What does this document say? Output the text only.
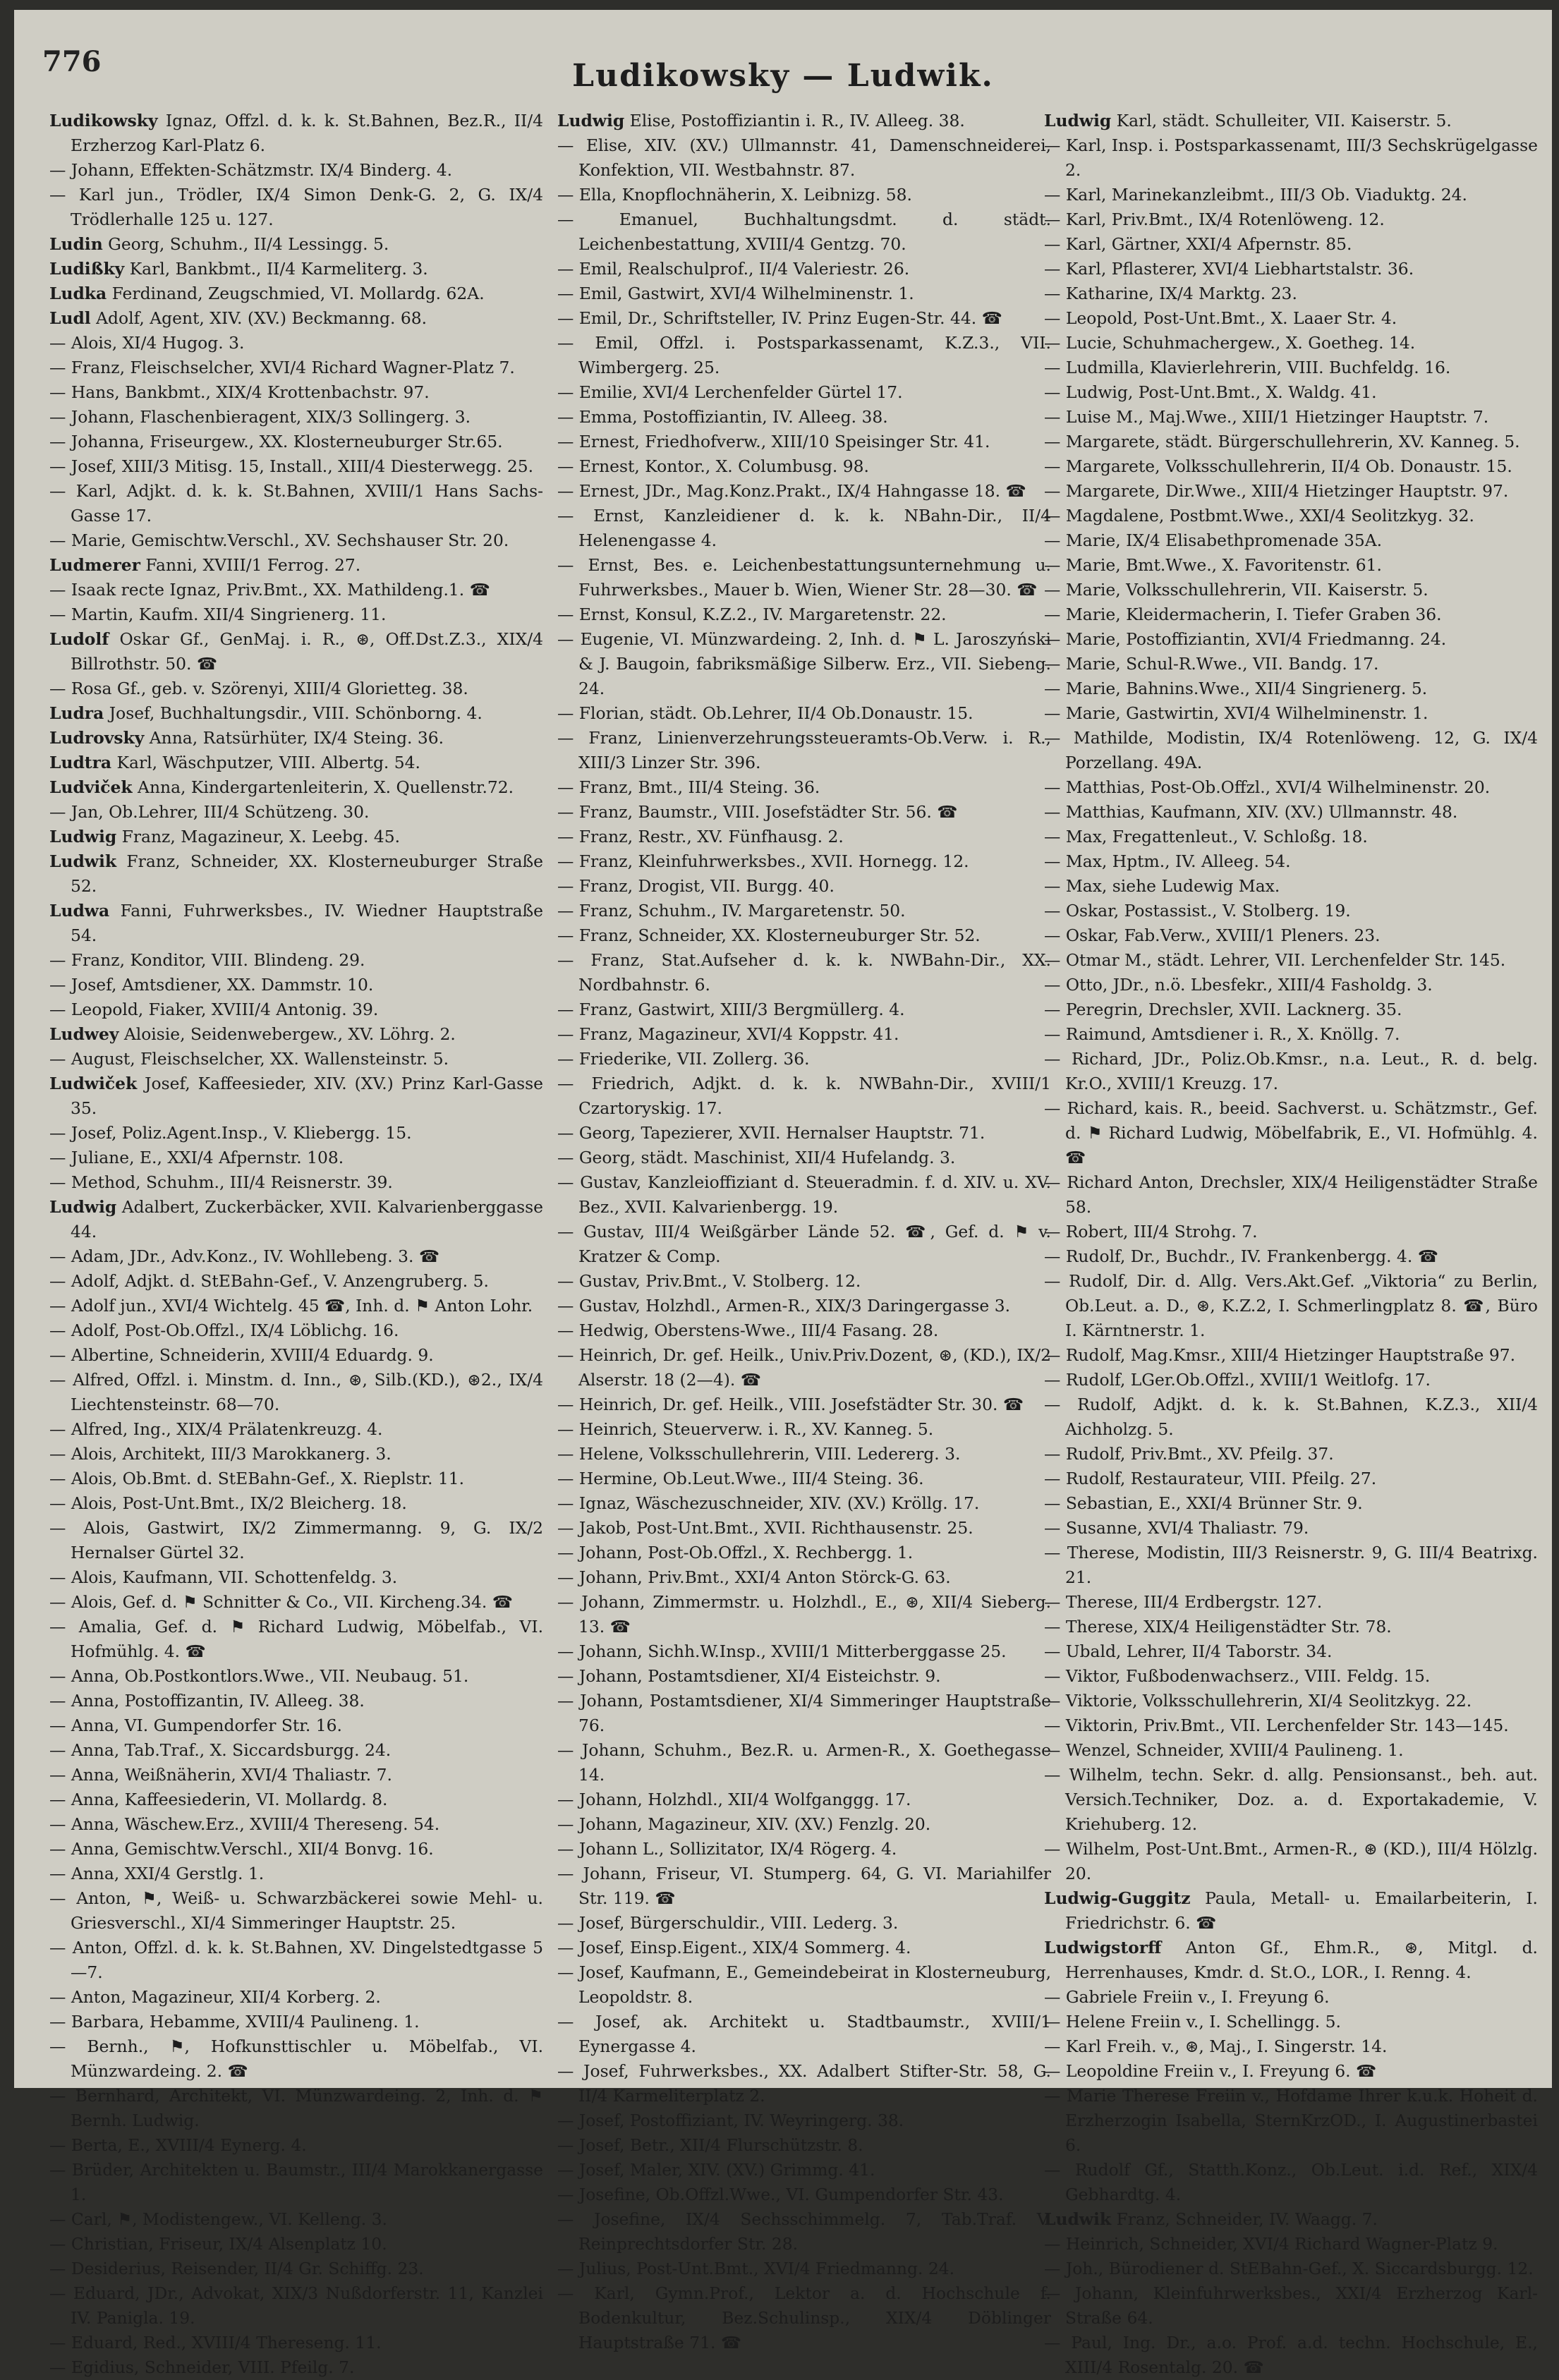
776	Ludikowsky — Ludwik.
Ludikowsky Ignaz, Offzl. d. k. k. St.Bahnen, Bez.R., II/4 Erzherzog Karl-Platz 6.
— Johann, Effekten-Schätzmstr. IX/4 Binderg. 4.
— Karl jun., Trödler, IX/4 Simon Denk-G. 2, G. IX/4 Trödlerhalle 125 u. 127.
Ludin Georg, Schuhm., II/4 Lessingg. 5.
Ludißky Karl, Bankbmt., II/4 Karmeliterg. 3.
Ludka Ferdinand, Zeugschmied, VI. Mollardg. 62A.
Ludl Adolf, Agent, XIV. (XV.) Beckmanng. 68.
— Alois, XI/4 Hugog. 3.
— Franz, Fleischselcher, XVI/4 Richard Wagner-Platz 7.
— Hans, Bankbmt., XIX/4 Krottenbachstr. 97.
— Johann, Flaschenbieragent, XIX/3 Sollingerg. 3.
— Johanna, Friseurgew., XX. Klosterneuburger Str.65.
— Josef, XIII/3 Mitisg. 15, Install., XIII/4 Diesterwegg. 25.
— Karl, Adjkt. d. k. k. St.Bahnen, XVIII/1 Hans Sachs-Gasse 17.
— Marie, Gemischtw.Verschl., XV. Sechshauser Str. 20.
Ludmerer Fanni, XVIII/1 Ferrog. 27.
— Isaak recte Ignaz, Priv.Bmt., XX. Mathildeng.1. ☎
— Martin, Kaufm. XII/4 Singrienerg. 11.
Ludolf Oskar Gf., GenMaj. i. R., ⊛, Off.Dst.Z.3., XIX/4 Billrothstr. 50. ☎
— Rosa Gf., geb. v. Szörenyi, XIII/4 Glorietteg. 38.
Ludra Josef, Buchhaltungsdir., VIII. Schönborng. 4.
Ludrovsky Anna, Ratsürhüter, IX/4 Steing. 36.
Ludtra Karl, Wäschputzer, VIII. Albertg. 54.
Ludviček Anna, Kindergartenleiterin, X. Quellenstr.72.
— Jan, Ob.Lehrer, III/4 Schützeng. 30.
Ludwig Franz, Magazineur, X. Leebg. 45.
Ludwik Franz, Schneider, XX. Klosterneuburger Straße 52.
Ludwa Fanni, Fuhrwerksbes., IV. Wiedner Hauptstraße 54.
— Franz, Konditor, VIII. Blindeng. 29.
— Josef, Amtsdiener, XX. Dammstr. 10.
— Leopold, Fiaker, XVIII/4 Antonig. 39.
Ludwey Aloisie, Seidenwebergew., XV. Löhrg. 2.
— August, Fleischselcher, XX. Wallensteinstr. 5.
Ludwiček Josef, Kaffeesieder, XIV. (XV.) Prinz Karl-Gasse 35.
— Josef, Poliz.Agent.Insp., V. Kliebergg. 15.
— Juliane, E., XXI/4 Afpernstr. 108.
— Method, Schuhm., III/4 Reisnerstr. 39.
Ludwig Adalbert, Zuckerbäcker, XVII. Kalvarienberggasse 44.
— Adam, JDr., Adv.Konz., IV. Wohllebeng. 3. ☎
— Adolf, Adjkt. d. StEBahn-Gef., V. Anzengruberg. 5.
— Adolf jun., XVI/4 Wichtelg. 45 ☎, Inh. d. ⚑ Anton Lohr.
— Adolf, Post-Ob.Offzl., IX/4 Löblichg. 16.
— Albertine, Schneiderin, XVIII/4 Eduardg. 9.
— Alfred, Offzl. i. Minstm. d. Inn., ⊛, Silb.(KD.), ⊛2., IX/4 Liechtensteinstr. 68—70.
— Alfred, Ing., XIX/4 Prälatenkreuzg. 4.
— Alois, Architekt, III/3 Marokkanerg. 3.
— Alois, Ob.Bmt. d. StEBahn-Gef., X. Rieplstr. 11.
— Alois, Post-Unt.Bmt., IX/2 Bleicherg. 18.
— Alois, Gastwirt, IX/2 Zimmermanng. 9, G. IX/2 Hernalser Gürtel 32.
— Alois, Kaufmann, VII. Schottenfeldg. 3.
— Alois, Gef. d. ⚑ Schnitter & Co., VII. Kircheng.34. ☎
— Amalia, Gef. d. ⚑ Richard Ludwig, Möbelfab., VI. Hofmühlg. 4. ☎
— Anna, Ob.Postkontlors.Wwe., VII. Neubaug. 51.
— Anna, Postoffizantin, IV. Alleeg. 38.
— Anna, VI. Gumpendorfer Str. 16.
— Anna, Tab.Traf., X. Siccardsburgg. 24.
— Anna, Weißnäherin, XVI/4 Thaliastr. 7.
— Anna, Kaffeesiederin, VI. Mollardg. 8.
— Anna, Wäschew.Erz., XVIII/4 Thereseng. 54.
— Anna, Gemischtw.Verschl., XII/4 Bonvg. 16.
— Anna, XXI/4 Gerstlg. 1.
— Anton, ⚑, Weiß- u. Schwarzbäckerei sowie Mehl- u. Griesverschl., XI/4 Simmeringer Hauptstr. 25.
— Anton, Offzl. d. k. k. St.Bahnen, XV. Dingelstedtgasse 5—7.
— Anton, Magazineur, XII/4 Korberg. 2.
— Barbara, Hebamme, XVIII/4 Paulineng. 1.
— Bernh., ⚑, Hofkunsttischler u. Möbelfab., VI. Münzwardeing. 2. ☎
— Bernhard, Architekt, VI. Münzwardeing. 2, Inh. d. ⚑ Bernh. Ludwig.
— Berta, E., XVIII/4 Eynerg. 4.
— Brüder, Architekten u. Baumstr., III/4 Marokkanergasse 1.
— Carl, ⚑, Modistengew., VI. Kelleng. 3.
— Christian, Friseur, IX/4 Alsenplatz 10.
— Desiderius, Reisender, II/4 Gr. Schiffg. 23.
— Eduard, JDr., Advokat, XIX/3 Nußdorferstr. 11, Kanzlei IV. Panigla. 19.
— Eduard, Red., XVIII/4 Thereseng. 11.
— Egidius, Schneider, VIII. Pfeilg. 7.
Ludwig Elise, Postoffiziantin i. R., IV. Alleeg. 38.
— Elise, XIV. (XV.) Ullmannstr. 41, Damenschneiderei, Konfektion, VII. Westbahnstr. 87.
— Ella, Knopflochnäherin, X. Leibnizg. 58.
— Emanuel, Buchhaltungsdmt. d. städt. Leichenbestattung, XVIII/4 Gentzg. 70.
— Emil, Realschulprof., II/4 Valeriestr. 26.
— Emil, Gastwirt, XVI/4 Wilhelminenstr. 1.
— Emil, Dr., Schriftsteller, IV. Prinz Eugen-Str. 44. ☎
— Emil, Offzl. i. Postsparkassenamt, K.Z.3., VII. Wimbergerg. 25.
— Emilie, XVI/4 Lerchenfelder Gürtel 17.
— Emma, Postoffiziantin, IV. Alleeg. 38.
— Ernest, Friedhofverw., XIII/10 Speisinger Str. 41.
— Ernest, Kontor., X. Columbusg. 98.
— Ernest, JDr., Mag.Konz.Prakt., IX/4 Hahngasse 18. ☎
— Ernst, Kanzleidiener d. k. k. NBahn-Dir., II/4 Helenengasse 4.
— Ernst, Bes. e. Leichenbestattungsunternehmung u. Fuhrwerksbes., Mauer b. Wien, Wiener Str. 28—30. ☎
— Ernst, Konsul, K.Z.2., IV. Margaretenstr. 22.
— Eugenie, VI. Münzwardeing. 2, Inh. d. ⚑ L. Jaroszyński & J. Baugoin, fabriksmäßige Silberw. Erz., VII. Siebeng. 24.
— Florian, städt. Ob.Lehrer, II/4 Ob.Donaustr. 15.
— Franz, Linienverzehrungssteueramts-Ob.Verw. i. R., XIII/3 Linzer Str. 396.
— Franz, Bmt., III/4 Steing. 36.
— Franz, Baumstr., VIII. Josefstädter Str. 56. ☎
— Franz, Restr., XV. Fünfhausg. 2.
— Franz, Kleinfuhrwerksbes., XVII. Hornegg. 12.
— Franz, Drogist, VII. Burgg. 40.
— Franz, Schuhm., IV. Margaretenstr. 50.
— Franz, Schneider, XX. Klosterneuburger Str. 52.
— Franz, Stat.Aufseher d. k. k. NWBahn-Dir., XX. Nordbahnstr. 6.
— Franz, Gastwirt, XIII/3 Bergmüllerg. 4.
— Franz, Magazineur, XVI/4 Koppstr. 41.
— Friederike, VII. Zollerg. 36.
— Friedrich, Adjkt. d. k. k. NWBahn-Dir., XVIII/1 Czartoryskig. 17.
— Georg, Tapezierer, XVII. Hernalser Hauptstr. 71.
— Georg, städt. Maschinist, XII/4 Hufelandg. 3.
— Gustav, Kanzleioffiziant d. Steueradmin. f. d. XIV. u. XV. Bez., XVII. Kalvarienbergg. 19.
— Gustav, III/4 Weißgärber Lände 52. ☎, Gef. d. ⚑ v. Kratzer & Comp.
— Gustav, Priv.Bmt., V. Stolberg. 12.
— Gustav, Holzhdl., Armen-R., XIX/3 Daringergasse 3.
— Hedwig, Oberstens-Wwe., III/4 Fasang. 28.
— Heinrich, Dr. gef. Heilk., Univ.Priv.Dozent, ⊛, (KD.), IX/2 Alserstr. 18 (2—4). ☎
— Heinrich, Dr. gef. Heilk., VIII. Josefstädter Str. 30. ☎
— Heinrich, Steuerverw. i. R., XV. Kanneg. 5.
— Helene, Volksschullehrerin, VIII. Ledererg. 3.
— Hermine, Ob.Leut.Wwe., III/4 Steing. 36.
— Ignaz, Wäschezuschneider, XIV. (XV.) Kröllg. 17.
— Jakob, Post-Unt.Bmt., XVII. Richthausenstr. 25.
— Johann, Post-Ob.Offzl., X. Rechbergg. 1.
— Johann, Priv.Bmt., XXI/4 Anton Störck-G. 63.
— Johann, Zimmermstr. u. Holzhdl., E., ⊛, XII/4 Sieberg. 13. ☎
— Johann, Sichh.W.Insp., XVIII/1 Mitterberggasse 25.
— Johann, Postamtsdiener, XI/4 Eisteichstr. 9.
— Johann, Postamtsdiener, XI/4 Simmeringer Hauptstraße 76.
— Johann, Schuhm., Bez.R. u. Armen-R., X. Goethegasse 14.
— Johann, Holzhdl., XII/4 Wolfganggg. 17.
— Johann, Magazineur, XIV. (XV.) Fenzlg. 20.
— Johann L., Sollizitator, IX/4 Rögerg. 4.
— Johann, Friseur, VI. Stumperg. 64, G. VI. Mariahilfer Str. 119. ☎
— Josef, Bürgerschuldir., VIII. Lederg. 3.
— Josef, Einsp.Eigent., XIX/4 Sommerg. 4.
— Josef, Kaufmann, E., Gemeindebeirat in Klosterneuburg, Leopoldstr. 8.
— Josef, ak. Architekt u. Stadtbaumstr., XVIII/1 Eynergasse 4.
— Josef, Fuhrwerksbes., XX. Adalbert Stifter-Str. 58, G. II/4 Karmeliterplatz 2.
— Josef, Postoffiziant, IV. Weyringerg. 38.
— Josef, Betr., XII/4 Flurschützstr. 8.
— Josef, Maler, XIV. (XV.) Grimmg. 41.
— Josefine, Ob.Offzl.Wwe., VI. Gumpendorfer Str. 43.
— Josefine, IX/4 Sechsschimmelg. 7, Tab.Traf. V. Reinprechtsdorfer Str. 28.
— Julius, Post-Unt.Bmt., XVI/4 Friedmanng. 24.
— Karl, Gymn.Prof., Lektor a. d. Hochschule f. Bodenkultur, Bez.Schulinsp., XIX/4 Döblinger Hauptstraße 71. ☎
Ludwig Karl, städt. Schulleiter, VII. Kaiserstr. 5.
— Karl, Insp. i. Postsparkassenamt, III/3 Sechskrügelgasse 2.
— Karl, Marinekanzleibmt., III/3 Ob. Viaduktg. 24.
— Karl, Priv.Bmt., IX/4 Rotenlöweng. 12.
— Karl, Gärtner, XXI/4 Afpernstr. 85.
— Karl, Pflasterer, XVI/4 Liebhartstalstr. 36.
— Katharine, IX/4 Marktg. 23.
— Leopold, Post-Unt.Bmt., X. Laaer Str. 4.
— Lucie, Schuhmachergew., X. Goetheg. 14.
— Ludmilla, Klavierlehrerin, VIII. Buchfeldg. 16.
— Ludwig, Post-Unt.Bmt., X. Waldg. 41.
— Luise M., Maj.Wwe., XIII/1 Hietzinger Hauptstr. 7.
— Margarete, städt. Bürgerschullehrerin, XV. Kanneg. 5.
— Margarete, Volksschullehrerin, II/4 Ob. Donaustr. 15.
— Margarete, Dir.Wwe., XIII/4 Hietzinger Hauptstr. 97.
— Magdalene, Postbmt.Wwe., XXI/4 Seolitzkyg. 32.
— Marie, IX/4 Elisabethpromenade 35A.
— Marie, Bmt.Wwe., X. Favoritenstr. 61.
— Marie, Volksschullehrerin, VII. Kaiserstr. 5.
— Marie, Kleidermacherin, I. Tiefer Graben 36.
— Marie, Postoffiziantin, XVI/4 Friedmanng. 24.
— Marie, Schul-R.Wwe., VII. Bandg. 17.
— Marie, Bahnins.Wwe., XII/4 Singrienerg. 5.
— Marie, Gastwirtin, XVI/4 Wilhelminenstr. 1.
— Mathilde, Modistin, IX/4 Rotenlöweng. 12, G. IX/4 Porzellang. 49A.
— Matthias, Post-Ob.Offzl., XVI/4 Wilhelminenstr. 20.
— Matthias, Kaufmann, XIV. (XV.) Ullmannstr. 48.
— Max, Fregattenleut., V. Schloßg. 18.
— Max, Hptm., IV. Alleeg. 54.
— Max, siehe Ludewig Max.
— Oskar, Postassist., V. Stolberg. 19.
— Oskar, Fab.Verw., XVIII/1 Pleners. 23.
— Otmar M., städt. Lehrer, VII. Lerchenfelder Str. 145.
— Otto, JDr., n.ö. Lbesfekr., XIII/4 Fasholdg. 3.
— Peregrin, Drechsler, XVII. Lacknerg. 35.
— Raimund, Amtsdiener i. R., X. Knöllg. 7.
— Richard, JDr., Poliz.Ob.Kmsr., n.a. Leut., R. d. belg. Kr.O., XVIII/1 Kreuzg. 17.
— Richard, kais. R., beeid. Sachverst. u. Schätzmstr., Gef. d. ⚑ Richard Ludwig, Möbelfabrik, E., VI. Hofmühlg. 4. ☎
— Richard Anton, Drechsler, XIX/4 Heiligenstädter Straße 58.
— Robert, III/4 Strohg. 7.
— Rudolf, Dr., Buchdr., IV. Frankenbergg. 4. ☎
— Rudolf, Dir. d. Allg. Vers.Akt.Gef. „Viktoria“ zu Berlin, Ob.Leut. a. D., ⊛, K.Z.2, I. Schmerlingplatz 8. ☎, Büro I. Kärntnerstr. 1.
— Rudolf, Mag.Kmsr., XIII/4 Hietzinger Hauptstraße 97.
— Rudolf, LGer.Ob.Offzl., XVIII/1 Weitlofg. 17.
— Rudolf, Adjkt. d. k. k. St.Bahnen, K.Z.3., XII/4 Aichholzg. 5.
— Rudolf, Priv.Bmt., XV. Pfeilg. 37.
— Rudolf, Restaurateur, VIII. Pfeilg. 27.
— Sebastian, E., XXI/4 Brünner Str. 9.
— Susanne, XVI/4 Thaliastr. 79.
— Therese, Modistin, III/3 Reisnerstr. 9, G. III/4 Beatrixg. 21.
— Therese, III/4 Erdbergstr. 127.
— Therese, XIX/4 Heiligenstädter Str. 78.
— Ubald, Lehrer, II/4 Taborstr. 34.
— Viktor, Fußbodenwachserz., VIII. Feldg. 15.
— Viktorie, Volksschullehrerin, XI/4 Seolitzkyg. 22.
— Viktorin, Priv.Bmt., VII. Lerchenfelder Str. 143—145.
— Wenzel, Schneider, XVIII/4 Paulineng. 1.
— Wilhelm, techn. Sekr. d. allg. Pensionsanst., beh. aut. Versich.Techniker, Doz. a. d. Exportakademie, V. Kriehuberg. 12.
— Wilhelm, Post-Unt.Bmt., Armen-R., ⊛ (KD.), III/4 Hölzlg. 20.
Ludwig-Guggitz Paula, Metall- u. Emailarbeiterin, I. Friedrichstr. 6. ☎
Ludwigstorff Anton Gf., Ehm.R., ⊛, Mitgl. d. Herrenhauses, Kmdr. d. St.O., LOR., I. Renng. 4.
— Gabriele Freiin v., I. Freyung 6.
— Helene Freiin v., I. Schellingg. 5.
— Karl Freih. v., ⊛, Maj., I. Singerstr. 14.
— Leopoldine Freiin v., I. Freyung 6. ☎
— Marie Therese Freiin v., Hofdame Ihrer k.u.k. Hoheit d. Erzherzogin Isabella, SternKrzOD., I. Augustinerbastei 6.
— Rudolf Gf., Statth.Konz., Ob.Leut. i.d. Ref., XIX/4 Gebhardtg. 4.
Ludwik Franz, Schneider, IV. Waagg. 7.
— Heinrich, Schneider, XVI/4 Richard Wagner-Platz 9.
— Joh., Bürodiener d. StEBahn-Gef., X. Siccardsburgg. 12.
— Johann, Kleinfuhrwerksbes., XXI/4 Erzherzog Karl-Straße 64.
— Paul, Ing. Dr., a.o. Prof. a.d. techn. Hochschule, E., XIII/4 Rosentalg. 20. ☎
